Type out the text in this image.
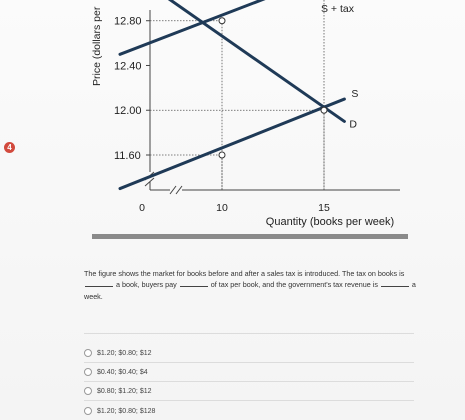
4
12.80
12.40
12.00
11.60
0	10	15
S + tax
S
D
Price (dollars per
Quantity (books per week)
The figure shows the market for books before and after a sales tax is introduced. The tax on books is  a book, buyers pay	of tax per book, and the government's tax revenue is	a week.
$1.20; $0.80; $12
$0.40; $0.40; $4
$0.80; $1.20; $12
$1.20; $0.80; $128
